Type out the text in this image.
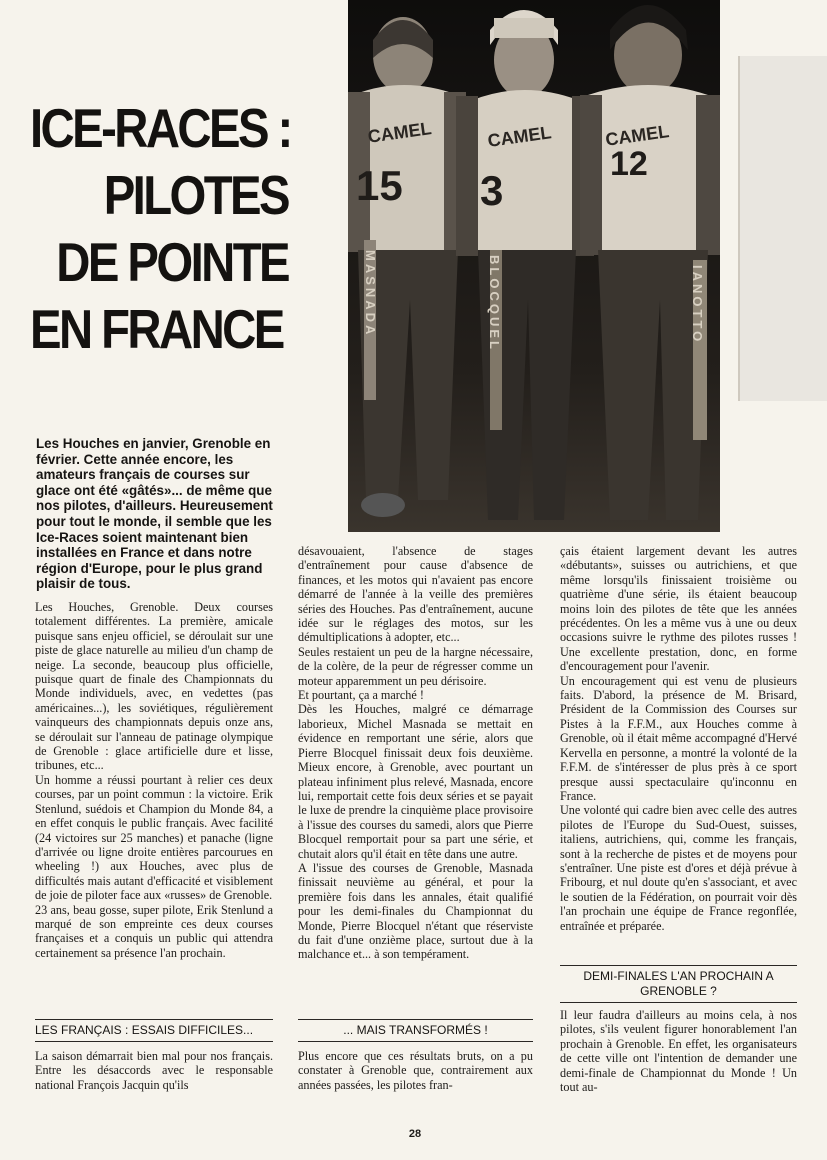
ICE-RACES :
PILOTES
DE POINTE
EN FRANCE
CAMEL	CAMEL	CAMEL
15 3
12
MASNADA	BLOCQUEL	IANOTTO

Les Houches en janvier, Grenoble en février. Cette année encore, les amateurs français de courses sur glace ont été «gâtés»... de même que nos pilotes, d'ailleurs. Heureusement pour tout le monde, il semble que les Ice-Races soient maintenant bien installées en France et dans notre région d'Europe, pour le plus grand plaisir de tous.

Les Houches, Grenoble. Deux courses totalement différentes. La première, amicale puisque sans enjeu officiel, se déroulait sur une piste de glace naturelle au milieu d'un champ de neige. La seconde, beaucoup plus officielle, puisque quart de finale des Championnats du Monde individuels, avec, en vedettes (pas américaines...), les soviétiques, régulièrement vainqueurs des championnats depuis onze ans, se déroulait sur l'anneau de patinage olympique de Grenoble : glace artificielle dure et lisse, tribunes, etc...

Un homme a réussi pourtant à relier ces deux courses, par un point commun : la victoire. Erik Stenlund, suédois et Champion du Monde 84, a en effet conquis le public français. Avec facilité (24 victoires sur 25 manches) et panache (ligne d'arrivée ou ligne droite entières parcourues en wheeling !) aux Houches, avec plus de difficultés mais autant d'efficacité et visiblement de joie de piloter face aux «russes» de Grenoble.

23 ans, beau gosse, super pilote, Erik Stenlund a marqué de son empreinte ces deux courses françaises et a conquis un public qui attendra certainement sa présence l'an prochain.

LES FRANÇAIS : ESSAIS DIFFICILES...

La saison démarrait bien mal pour nos français. Entre les désaccords avec le responsable national François Jacquin qu'ils

désavouaient, l'absence de stages d'entraînement pour cause d'absence de finances, et les motos qui n'avaient pas encore démarré de l'année à la veille des premières séries des Houches. Pas d'entraînement, aucune idée sur le réglages des motos, sur les démultiplications à adopter, etc...

Seules restaient un peu de la hargne nécessaire, de la colère, de la peur de régresser comme un moteur apparemment un peu dérisoire.

Et pourtant, ça a marché !

Dès les Houches, malgré ce démarrage laborieux, Michel Masnada se mettait en évidence en remportant une série, alors que Pierre Blocquel finissait deux fois deuxième. Mieux encore, à Grenoble, avec pourtant un plateau infiniment plus relevé, Masnada, encore lui, remportait cette fois deux séries et se payait le luxe de prendre la cinquième place provisoire à l'issue des courses du samedi, alors que Pierre Blocquel remportait pour sa part une série, et chutait alors qu'il était en tête dans une autre.

A l'issue des courses de Grenoble, Masnada finissait neuvième au général, et pour la première fois dans les annales, était qualifié pour les demi-finales du Championnat du Monde, Pierre Blocquel n'étant que réserviste du fait d'une onzième place, surtout due à la malchance et... à son tempérament.

... MAIS TRANSFORMÉS !

Plus encore que ces résultats bruts, on a pu constater à Grenoble que, contrairement aux années passées, les pilotes fran-

çais étaient largement devant les autres «débutants», suisses ou autrichiens, et que même lorsqu'ils finissaient troisième ou quatrième d'une série, ils étaient beaucoup moins loin des pilotes de tête que les années précédentes. On les a même vus à une ou deux occasions suivre le rythme des pilotes russes ! Une excellente prestation, donc, en forme d'encouragement pour l'avenir.

Un encouragement qui est venu de plusieurs faits. D'abord, la présence de M. Brisard, Président de la Commission des Courses sur Pistes à la F.F.M., aux Houches comme à Grenoble, où il était même accompagné d'Hervé Kervella en personne, a montré la volonté de la F.F.M. de s'intéresser de plus près à ce sport presque aussi spectaculaire qu'inconnu en France.

Une volonté qui cadre bien avec celle des autres pilotes de l'Europe du Sud-Ouest, suisses, italiens, autrichiens, qui, comme les français, sont à la recherche de pistes et de moyens pour s'entraîner. Une piste est d'ores et déjà prévue à Fribourg, et nul doute qu'en s'associant, et avec le soutien de la Fédération, on pourrait voir dès l'an prochain une équipe de France regonflée, entraînée et préparée.

DEMI-FINALES L'AN PROCHAIN A GRENOBLE ?

Il leur faudra d'ailleurs au moins cela, à nos pilotes, s'ils veulent figurer honorablement l'an prochain à Grenoble. En effet, les organisateurs de cette ville ont l'intention de demander une demi-finale de Championnat du Monde ! Un tout au-

28
